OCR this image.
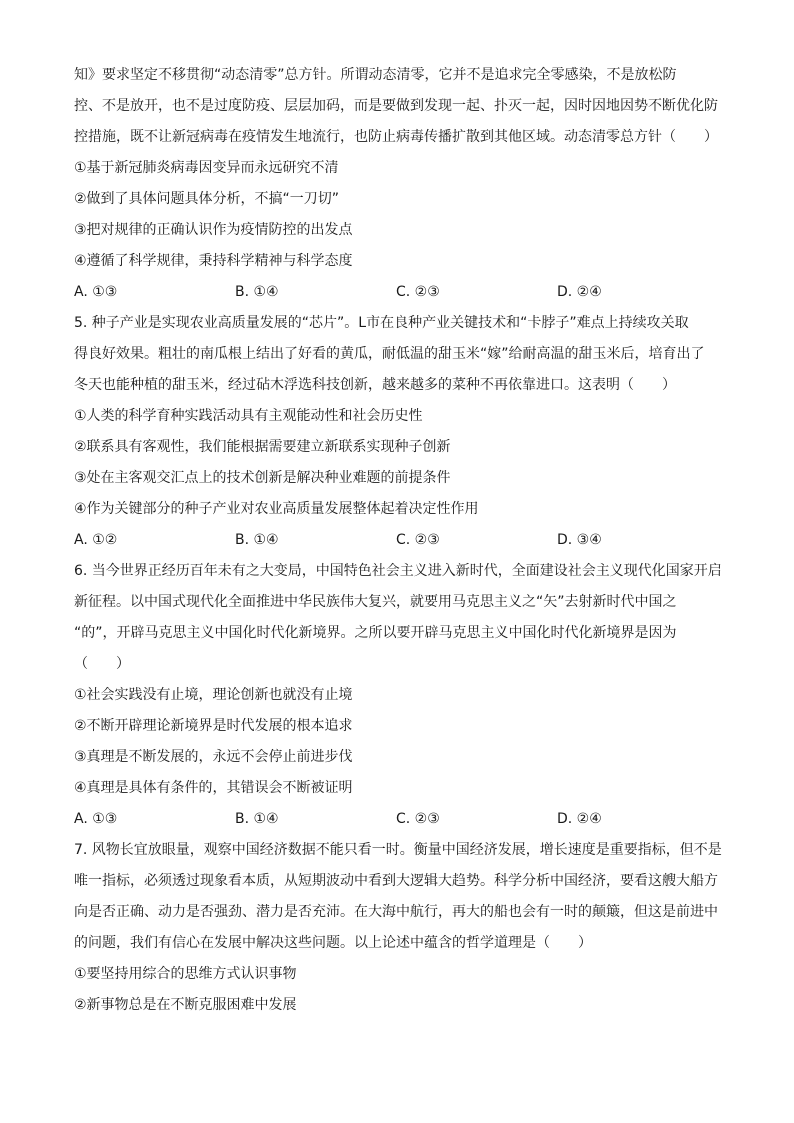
知》要求坚定不移贯彻“动态清零”总方针。所谓动态清零，它并不是追求完全零感染，不是放松防
控、不是放开，也不是过度防疫、层层加码，而是要做到发现一起、扑灭一起，因时因地因势不断优化防
控措施，既不让新冠病毒在疫情发生地流行，也防止病毒传播扩散到其他区域。动态清零总方针（　　）
①基于新冠肺炎病毒因变异而永远研究不清
②做到了具体问题具体分析，不搞“一刀切”
③把对规律的正确认识作为疫情防控的出发点
④遵循了科学规律，秉持科学精神与科学态度
A. ①③	B. ①④	C. ②③	D. ②④
5. 种子产业是实现农业高质量发展的“芯片”。L市在良种产业关键技术和“卡脖子”难点上持续攻关取
得良好效果。粗壮的南瓜根上结出了好看的黄瓜，耐低温的甜玉米“嫁”给耐高温的甜玉米后，培育出了
冬天也能种植的甜玉米，经过砧木浮选科技创新，越来越多的菜种不再依靠进口。这表明（　　）
①人类的科学育种实践活动具有主观能动性和社会历史性
②联系具有客观性，我们能根据需要建立新联系实现种子创新
③处在主客观交汇点上的技术创新是解决种业难题的前提条件
④作为关键部分的种子产业对农业高质量发展整体起着决定性作用
A. ①②	B. ①④	C. ②③	D. ③④
6. 当今世界正经历百年未有之大变局，中国特色社会主义进入新时代，全面建设社会主义现代化国家开启
新征程。以中国式现代化全面推进中华民族伟大复兴，就要用马克思主义之“矢”去射新时代中国之
“的”，开辟马克思主义中国化时代化新境界。之所以要开辟马克思主义中国化时代化新境界是因为
（　　）
①社会实践没有止境，理论创新也就没有止境
②不断开辟理论新境界是时代发展的根本追求
③真理是不断发展的，永远不会停止前进步伐
④真理是具体有条件的，其错误会不断被证明
A. ①③	B. ①④	C. ②③	D. ②④
7. 风物长宜放眼量，观察中国经济数据不能只看一时。衡量中国经济发展，增长速度是重要指标，但不是
唯一指标，必须透过现象看本质，从短期波动中看到大逻辑大趋势。科学分析中国经济，要看这艘大船方
向是否正确、动力是否强劲、潜力是否充沛。在大海中航行，再大的船也会有一时的颠簸，但这是前进中
的问题，我们有信心在发展中解决这些问题。以上论述中蕴含的哲学道理是（　　）
①要坚持用综合的思维方式认识事物
②新事物总是在不断克服困难中发展
